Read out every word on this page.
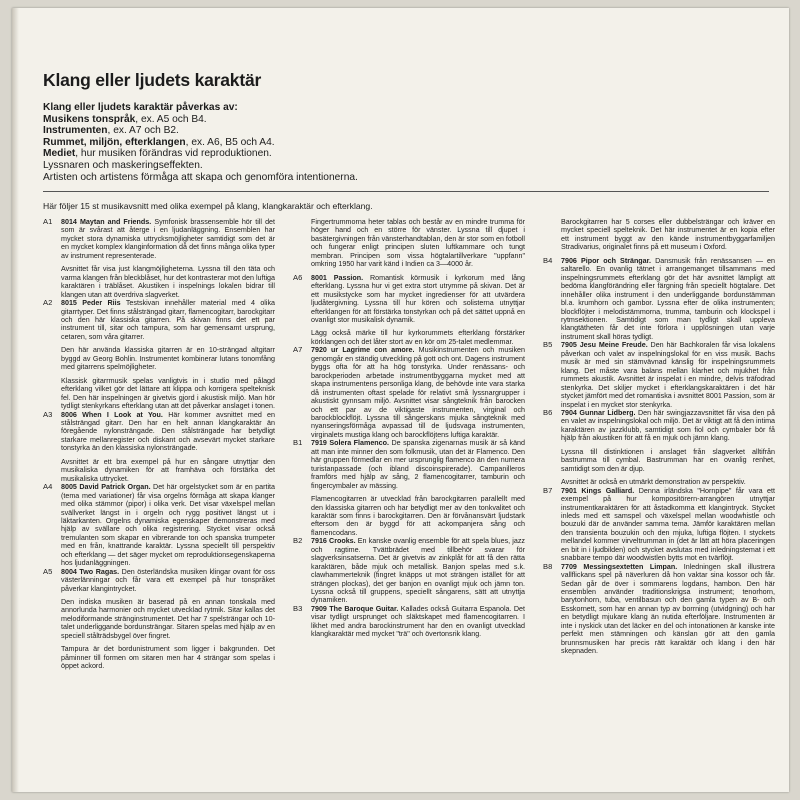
Klang eller ljudets karaktär
Klang eller ljudets karaktär påverkas av:
Musikens tonspråk, ex. A5 och B4.
Instrumenten, ex. A7 och B2.
Rummet, miljön, efterklangen, ex. A6, B5 och A4.
Mediet, hur musiken förändras vid reproduktionen.
Lyssnaren och maskeringseffekten.
Artisten och artistens förmåga att skapa och genomföra intentionerna.
Här följer 15 st musikavsnitt med olika exempel på klang, klangkaraktär och efterklang.
A1 8014 Maytan and Friends. Symfonisk brassensemble hör till det som är svårast att återge i en ljudanläggning. Ensemblen har mycket stora dynamiska uttrycksmöjligheter samtidigt som det är en mycket komplex klanginformation då det finns många olika typer av instrument representerade.

Avsnittet får visa just klangmöjligheterna. Lyssna till den täta och varma klangen från bleckblåset, hur det kontrasterar mot den luftiga karaktären i träblåset. Akustiken i inspelnings lokalen bidrar till klangen utan att överdriva slagverket.

A2 8015 Peder Riis Testskivan innehåller material med 4 olika gitarrtyper. Det finns stålsträngad gitarr, flamencogitarr, barockgitarr och den här klassiska gitarren. På skivan finns det ett par instrument till, sitar och tampura, som har gemensamt ursprung, cetaren, som våra gitarrer.

Den här använda klassiska gitarren är en 10-strängad altgitarr byggd av Georg Bohlin. Instrumentet kombinerar lutans tonomfång med gitarrens spelmöjligheter.

Klassisk gitarrmusik spelas vanligtvis in i studio med pålagd efterklang vilket gör det lättare att klippa och korrigera spelteknisk fel. Den här inspelningen är givetvis gjord i akustisk miljö. Man hör tydligt stenkyrkans efterklang utan att det påverkar anslaget i tonen.

A3 8006 When I Look at You. Här kommer avsnittet med en stålsträngad gitarr. Den har en helt annan klangkaraktär än föregående nylonsträngade. Den stålsträngade har betydligt starkare mellanregister och diskant och avsevärt mycket starkare tonstyrka än den klassiska nylonsträngade.

Avsnittet är ett bra exempel på hur en sångare utnyttjar den musikaliska dynamiken för att framhäva och förstärka det musikaliska uttrycket.

A4 8005 David Patrick Organ. Det här orgelstycket som är en partita (tema med variationer) får visa orgelns förmåga att skapa klanger med olika stämmor (pipor) i olika verk. Det visar växelspel mellan svällverket längst in i orgeln och rygg positivet längst ut i läktarkanten. Orgelns dynamiska egenskaper demonstreras med hjälp av svällare och olika registrering. Stycket visar också tremulanten som skapar en vibrerande ton och spanska trumpeter med en från, knattrande karaktär. Lyssna speciellt till perspektiv och efterklang — det säger mycket om reproduktionsegenskaperna hos ljudanläggningen.

A5 8004 Two Ragas. Den österländska musiken klingar ovant för oss västerlänningar och får vara ett exempel på hur tonspråket påverkar klangintrycket.

Den indiska musiken är baserad på en annan tonskala med annorlunda harmonier och mycket utvecklad rytmik. Sitar kallas det melodiformande stränginstrumentet. Det har 7 spelsträngar och 10-talet underliggande bordunsträngar. Sitaren spelas med hjälp av en speciell stålträdsbygel över fingret.

Tampura är det bordunistrument som ligger i bakgrunden. Det påminner till formen om sitaren men har 4 strängar som spelas i öppet ackord.

Fingertrummorna heter tablas och består av en mindre trumma för höger hand och en större för vänster. Lyssna till djupet i basätergivningen från vänsterhandtablan, den är stor som en fotboll och fungerar enligt principen sluten luftkammare och tungt membran. Principen som vissa högtalartillverkare "uppfann" omkring 1950 har varit känd i Indien ca 3—4000 år.

A6 8001 Passion. Romantisk körmusik i kyrkorum med lång efterklang. Lyssna hur vi get extra stort utrymme på skivan. Det är ett musikstycke som har mycket ingredienser för att utvärdera ljudåtergivning. Lyssna till hur kören och solisterna utnyttjar efterklangen för att förstärka tonstyrkan och på det sättet uppnå en ovanligt stor musikalisk dynamik.

Lägg också märke till hur kyrkorummets efterklang förstärker körklangen och det låter stort av en kör om 25-talet medlemmar.

A7 7920 ur Lagrime con amore. Musikinstrumenten och musiken genomgår en ständig utveckling på gott och ont. Dagens instrument byggs ofta för att ha hög tonstyrka. Under renässans- och barockperioden arbetade instrumentbyggarna mycket med att skapa instrumentens personliga klang, de behövde inte vara starka då instrumenten oftast spelade för relativt små lyssnargrupper i akustiskt gynnsam miljö. Avsnittet visar sångteknik från barocken och ett par av de viktigaste instrumenten, virginal och barockblockflöjt. Lyssna till sångerskans mjuka sångteknik med nyanseringsförmåga avpassad till de ljudsvaga instrumenten, virginalets mustiga klang och barockflöjtens luftiga karaktär.

B1 7919 Solera Flamenco. De spanska zigenarnas musik är så känd att man inte minner den som folkmusik, utan det är Flamenco. Den här gruppen förmedlar en mer ursprunglig flamenco än den numera turistanpassade (och ibland discoinspirerade). Campanilleros framförs med hjälp av sång, 2 flamencogitarrer, tamburin och fingercymbaler av mässing.

Flamencogitarren är utvecklad från barockgitarren parallellt med den klassiska gitarren och har betydligt mer av den tonkvalitet och karaktär som finns i barockgitarren. Den är förvånansvärt ljudstark eftersom den är byggd för att ackompanjera sång och flamencodans.

B2 7916 Crooks. En kanske ovanlig ensemble för att spela blues, jazz och ragtime. Tvättbrädet med tillbehör svarar för slagverksinsatserna. Det är givetvis av zinkplåt för att få den rätta karaktären, både mjuk och metallisk. Banjon spelas med s.k. clawhammerteknik (fingret knäpps ut mot strängen istället för att strängen plockas), det ger banjon en ovanligt mjuk och jämn ton. Lyssna också till gruppens, speciellt sångarens, sätt att utnyttja dynamiken.

B3 7909 The Baroque Guitar. Kallades också Guitarra Espanola. Det visar tydligt ursprunget och släktskapet med flamencogitarren. I likhet med andra barockinstrument har den en ovanligt utvecklad klangkaraktär med mycket "trä" och övertonsrik klang.

Barockgitarren har 5 corses eller dubbelsträngar och kräver en mycket speciell spelteknik. Det här instrumentet är en kopia efter ett instrument byggt av den kände instrumentbyggarfamiljen Stradivarius, originalet finns på ett museum i Oxford.

B4 7906 Pipor och Strängar. Dansmusik från renässansen — en saltarello. En ovanlig tätnet i arrangemanget tillsammans med inspelningsrummets efterklang gör det här avsnittet lämpligt att bedöma klangförändring eller färgning från speciellt högtalare. Det innehåller olika instrument i den underliggande bordunstämman bl.a. krumhorn och gambor. Lyssna efter de olika instrumenten; blockflöjter i melodistämmorna, trumma, tamburin och klockspel i rytmsektionen. Samtidigt som man tydligt skall uppleva klangtätheten får det inte förlora i upplösningen utan varje instrument skall höras tydligt.

B5 7905 Jesu Meine Freude. Den här Bachkoralen får visa lokalens påverkan och valet av inspelningslokal för en viss musik. Bachs musik är med sin stämvävnad känslig för inspelningsrummets klang. Det måste vara balans mellan klarhet och mjukhet från rummets akustik. Avsnittet är inspelat i en mindre, delvis träfodrad stenkyrka. Det skiljer mycket i efterklangskaraktären i det här stycket jämfört med det romantiska i avsnittet 8001 Passion, som är inspelat i en mycket stor stenkyrka.

B6 7904 Gunnar Lidberg. Den här swingjazzavsnittet får visa den på en valet av inspelningslokal och miljö. Det är viktigt att få den intima karaktären av jazzklubb, samtidigt som fiol och cymbaler bör få hjälp från akustiken för att få en mjuk och jämn klang.

Lyssna till distinktionen i anslaget från slagverket alltifrån bastrumma till cymbal. Bastrumman har en ovanlig renhet, samtidigt som den är djup.

Avsnittet är också en utmärkt demonstration av perspektiv.

B7 7901 Kings Galliard. Denna irländska "Hornpipe" får vara ett exempel på hur kompositörern-arrangören utnyttjar instrumentkaraktären för att åstadkomma ett klangintryck. Stycket inleds med ett samspel och växelspel mellan woodwhistle och bouzuki där de använder samma tema. Jämför karaktären mellan den transienta bouzukin och den mjuka, luftiga flöjten. I styckets mellandel kommer virveltrumman in (det är lätt att höra placeringen en bit in i ljudbilden) och stycket avslutas med inledningstemat i ett snabbare tempo där woodwistlen bytts mot en tvärflöjt.

B8 7709 Messingsextetten Limpan. Inledningen skall illustrera vallflickans spel på näverluren då hon vaktar sina kossor och får. Sedan går de över i sommarens logdans, hambon. Den här ensemblen använder traditionskrigsa instrument; tenorhorn, barytonhorn, tuba, ventilbasun och den gamla typen av B- och Esskornett, som har en annan typ av borrning (utvidgning) och har en betydligt mjukare klang än nutida efterföljare. Instrumenten är inte i nyskick utan det läcker en del och intonationen är kanske inte perfekt men stämningen och känslan gör att den gamla brunnsmusiken har precis rätt karaktär och klang i den här skepnaden.
